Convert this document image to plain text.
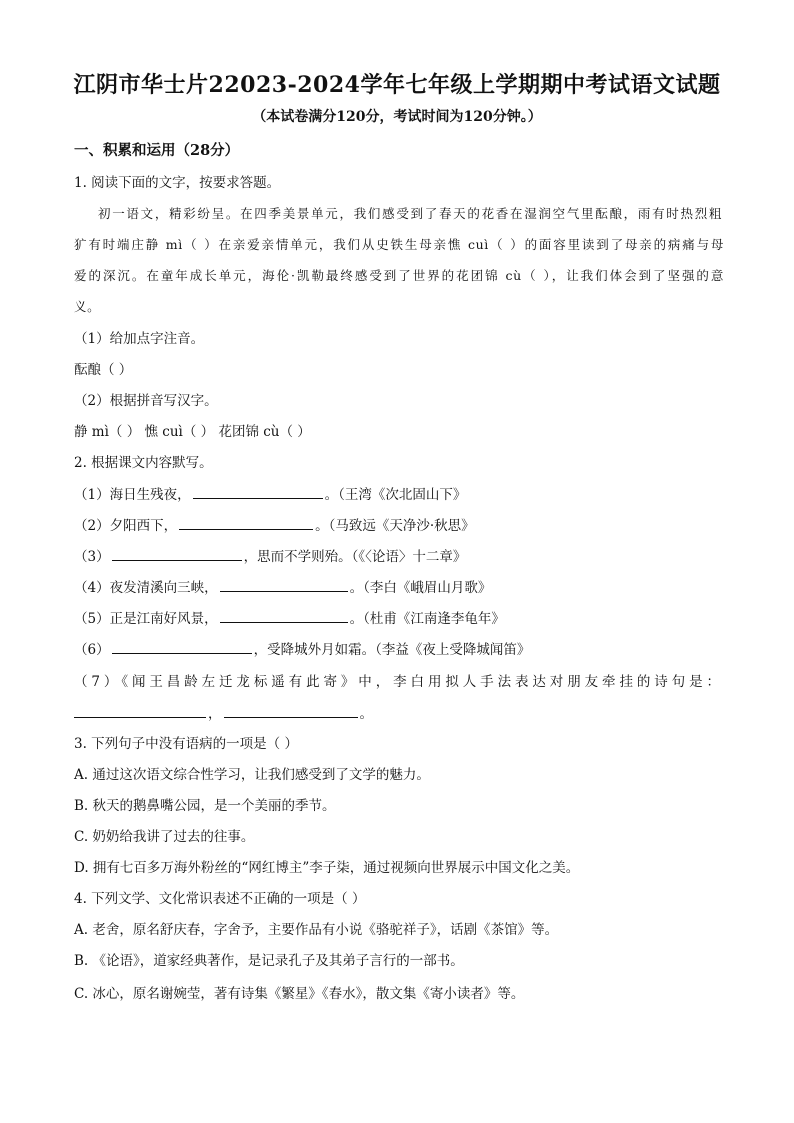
江阴市华士片22023-2024学年七年级上学期期中考试语文试题
（本试卷满分120分，考试时间为120分钟。）
一、积累和运用（28分）
1. 阅读下面的文字，按要求答题。
初一语文，精彩纷呈。在四季美景单元，我们感受到了春天的花香在湿润空气里酝酿，雨有时热烈粗
犷有时端庄静 mì（ ）在亲爱亲情单元，我们从史铁生母亲憔 cuì（ ）的面容里读到了母亲的病痛与母
爱的深沉。在童年成长单元，海伦·凯勒最终感受到了世界的花团锦 cù（ ），让我们体会到了坚强的意
义。
（1）给加点字注音。
酝酿（ ）
（2）根据拼音写汉字。
静 mì（ ） 憔 cuì（ ） 花团锦 cù（ ）
2. 根据课文内容默写。
（1）海日生残夜，	。（王湾《次北固山下》
（2）夕阳西下，	。（马致远《天净沙·秋思》
（3）	，思而不学则殆。（《〈论语〉十二章》
（4）夜发清溪向三峡，	。（李白《峨眉山月歌》
（5）正是江南好风景，	。（杜甫《江南逢李龟年》
（6）	，受降城外月如霜。（李益《夜上受降城闻笛》
（7）《闻王昌龄左迁龙标遥有此寄》中，李白用拟人手法表达对朋友牵挂的诗句是：
，	。
3. 下列句子中没有语病的一项是（ ）
A. 通过这次语文综合性学习，让我们感受到了文学的魅力。
B. 秋天的鹅鼻嘴公园，是一个美丽的季节。
C. 奶奶给我讲了过去的往事。
D. 拥有七百多万海外粉丝的“网红博主”李子柒，通过视频向世界展示中国文化之美。
4. 下列文学、文化常识表述不正确的一项是（ ）
A. 老舍，原名舒庆春，字舍予，主要作品有小说《骆驼祥子》，话剧《茶馆》等。
B. 《论语》，道家经典著作，是记录孔子及其弟子言行的一部书。
C. 冰心，原名谢婉莹，著有诗集《繁星》《春水》，散文集《寄小读者》等。
